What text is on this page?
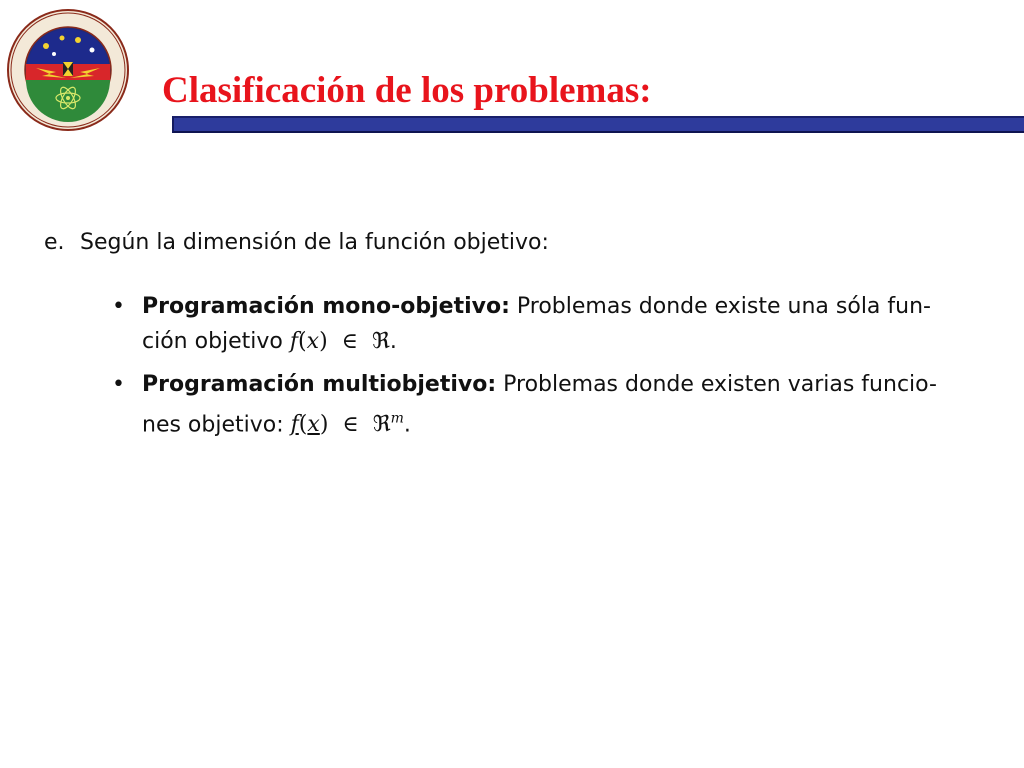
Clasificación de los problemas:
e. Según la dimensión de la función objetivo:
• Programación mono-objetivo: Problemas donde existe una sóla fun-
ción objetivo f(x) ∈ ℜ.
• Programación multiobjetivo: Problemas donde existen varias funcio-
nes objetivo: f(x) ∈ ℜ$^m$.
